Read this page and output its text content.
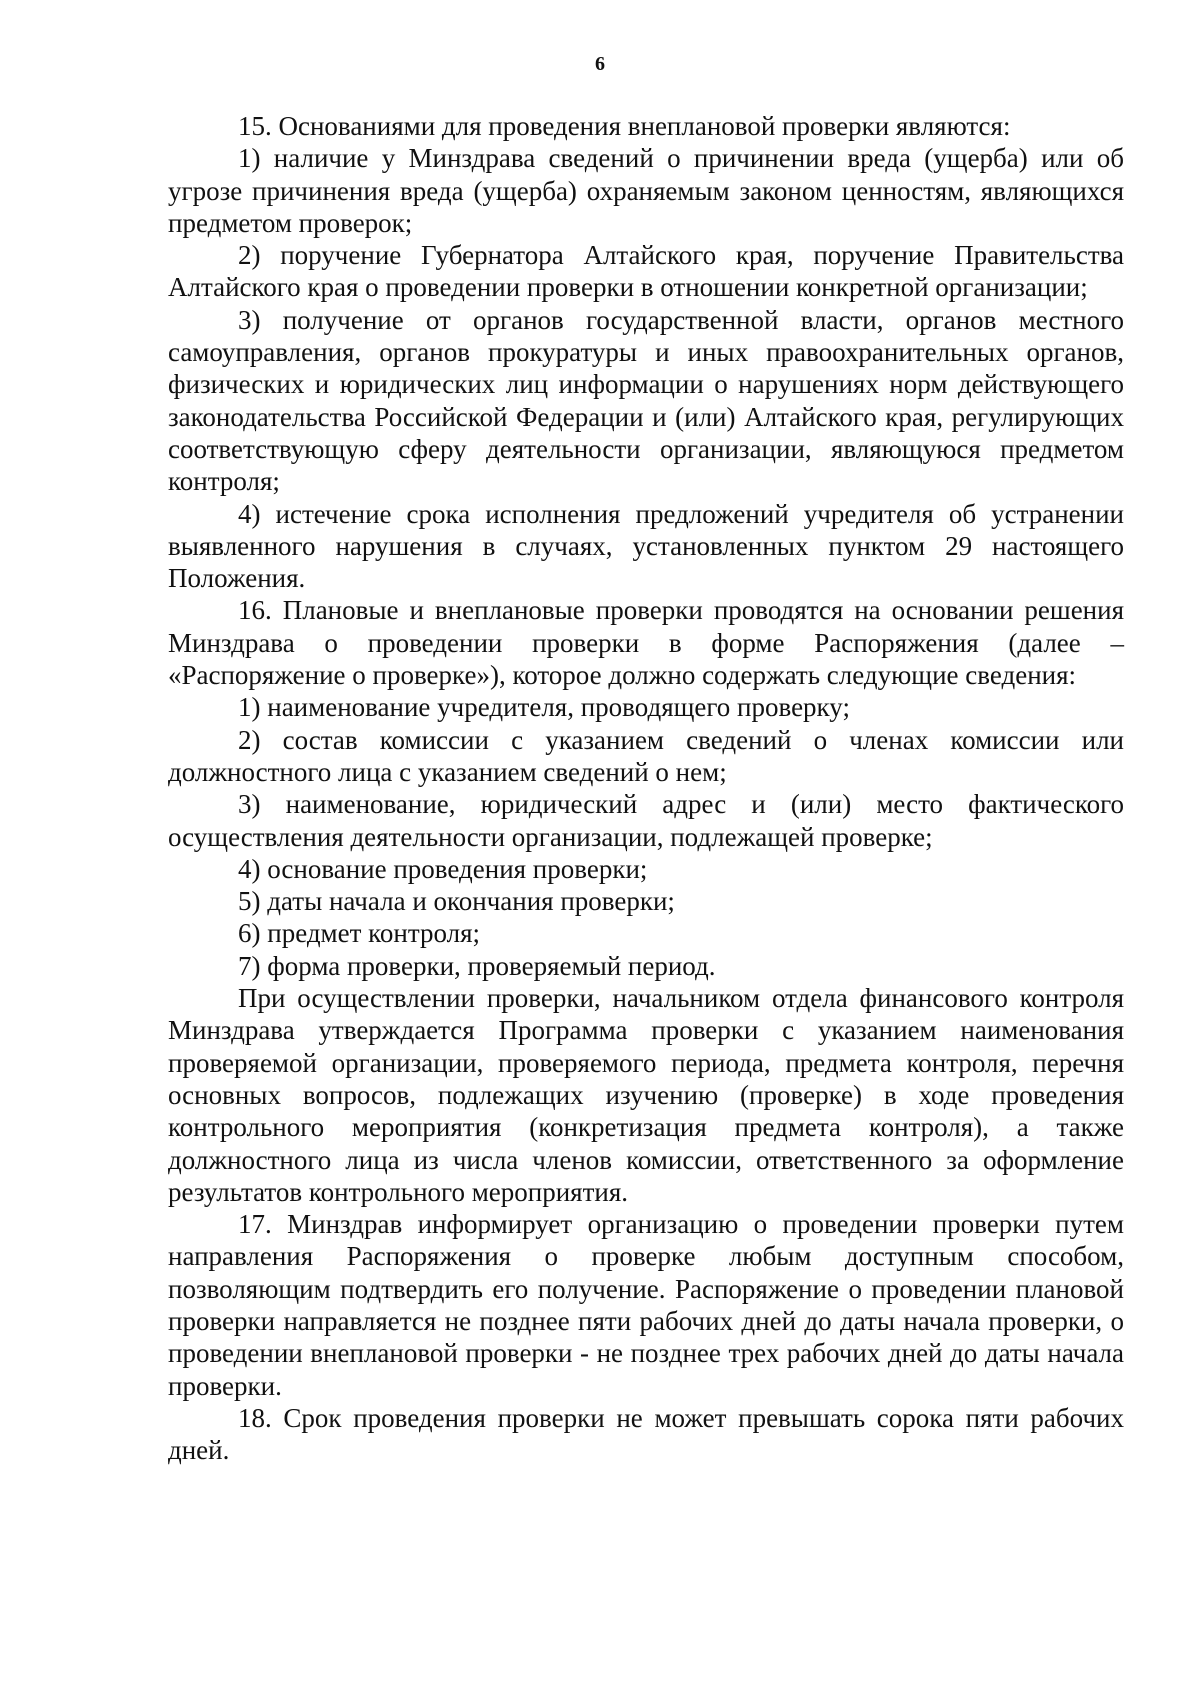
6

15. Основаниями для проведения внеплановой проверки являются:

1) наличие у Минздрава сведений о причинении вреда (ущерба) или об угрозе причинения вреда (ущерба) охраняемым законом ценностям, являющихся предметом проверок;

2) поручение Губернатора Алтайского края, поручение Правительства Алтайского края о проведении проверки в отношении конкретной организации;

3) получение от органов государственной власти, органов местного самоуправления, органов прокуратуры и иных правоохранительных органов, физических и юридических лиц информации о нарушениях норм действующего законодательства Российской Федерации и (или) Алтайского края, регулирующих соответствующую сферу деятельности организации, являющуюся предметом контроля;

4) истечение срока исполнения предложений учредителя об устранении выявленного нарушения в случаях, установленных пунктом 29 настоящего Положения.

16. Плановые и внеплановые проверки проводятся на основании решения Минздрава о проведении проверки в форме Распоряжения (далее – «Распоряжение о проверке»), которое должно содержать следующие сведения:

1) наименование учредителя, проводящего проверку;

2) состав комиссии с указанием сведений о членах комиссии или должностного лица с указанием сведений о нем;

3) наименование, юридический адрес и (или) место фактического осуществления деятельности организации, подлежащей проверке;

4) основание проведения проверки;

5) даты начала и окончания проверки;

6) предмет контроля;

7) форма проверки, проверяемый период.

При осуществлении проверки, начальником отдела финансового контроля Минздрава утверждается Программа проверки с указанием наименования проверяемой организации, проверяемого периода, предмета контроля, перечня основных вопросов, подлежащих изучению (проверке) в ходе проведения контрольного мероприятия (конкретизация предмета контроля), а также должностного лица из числа членов комиссии, ответственного за оформление результатов контрольного мероприятия.

17. Минздрав информирует организацию о проведении проверки путем направления Распоряжения о проверке любым доступным способом, позволяющим подтвердить его получение. Распоряжение о проведении плановой проверки направляется не позднее пяти рабочих дней до даты начала проверки, о проведении внеплановой проверки - не позднее трех рабочих дней до даты начала проверки.

18. Срок проведения проверки не может превышать сорока пяти рабочих дней.
